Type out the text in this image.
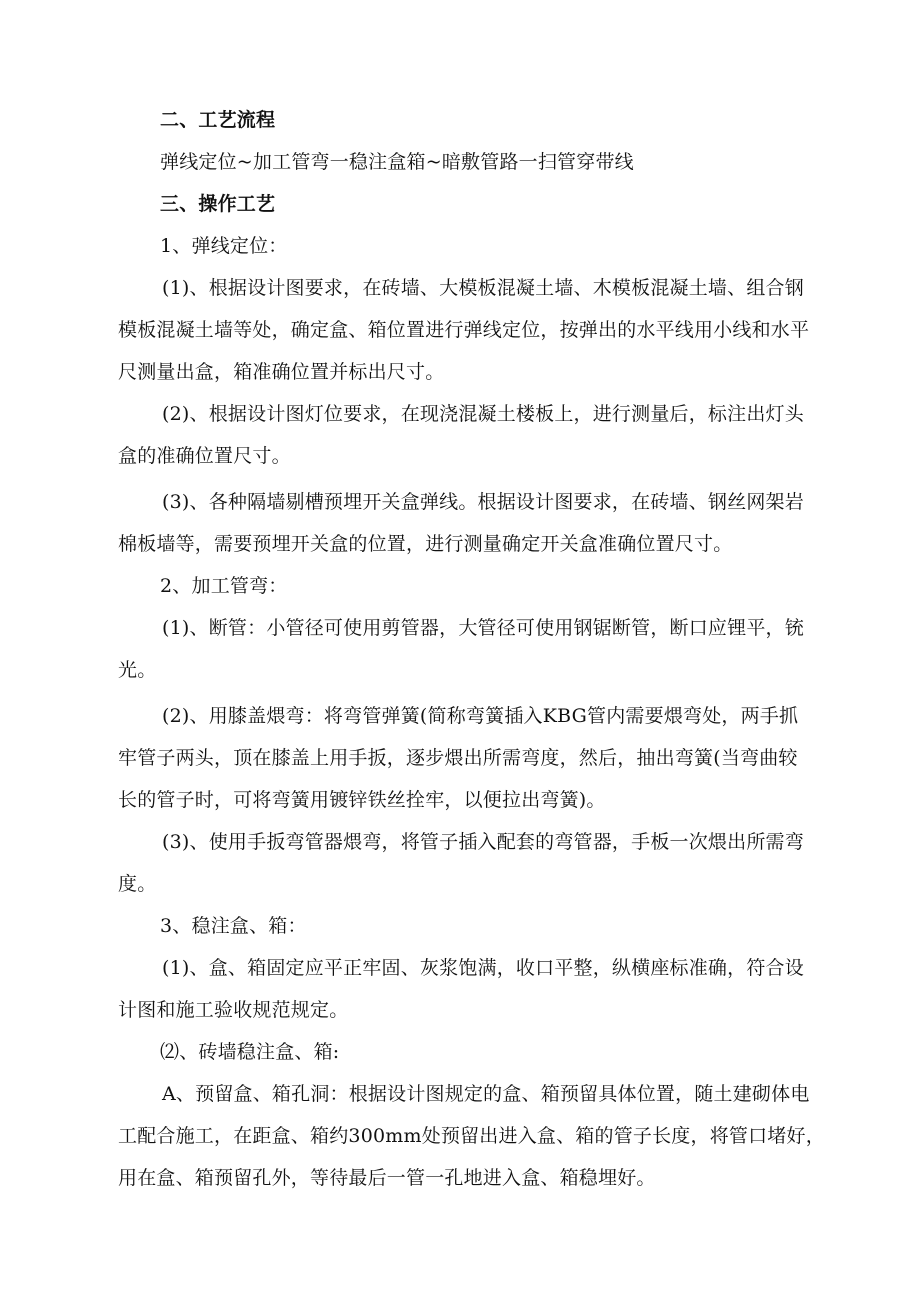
二、工艺流程
弹线定位~加工管弯一稳注盒箱~暗敷管路一扫管穿带线
三、操作工艺
1、弹线定位：
(1)、根据设计图要求，在砖墙、大模板混凝土墙、木模板混凝土墙、组合钢
模板混凝土墙等处，确定盒、箱位置进行弹线定位，按弹出的水平线用小线和水平
尺测量出盒，箱准确位置并标出尺寸。
(2)、根据设计图灯位要求，在现浇混凝土楼板上，进行测量后，标注出灯头
盒的准确位置尺寸。
(3)、各种隔墙剔槽预埋开关盒弹线。根据设计图要求，在砖墙、钢丝网架岩
棉板墙等，需要预埋开关盒的位置，进行测量确定开关盒准确位置尺寸。
2、加工管弯：
(1)、断管：小管径可使用剪管器，大管径可使用钢锯断管，断口应锂平，铳
光。
(2)、用膝盖煨弯：将弯管弹簧(简称弯簧插入KBG管内需要煨弯处，两手抓
牢管子两头，顶在膝盖上用手扳，逐步煨出所需弯度，然后，抽出弯簧(当弯曲较
长的管子时，可将弯簧用镀锌铁丝拴牢，以便拉出弯簧)。
(3)、使用手扳弯管器煨弯，将管子插入配套的弯管器，手板一次煨出所需弯
度。
3、稳注盒、箱：
(1)、盒、箱固定应平正牢固、灰浆饱满，收口平整，纵横座标准确，符合设
计图和施工验收规范规定。
⑵、砖墙稳注盒、箱:
A、预留盒、箱孔洞：根据设计图规定的盒、箱预留具体位置，随土建砌体电
工配合施工，在距盒、箱约300mm处预留出进入盒、箱的管子长度，将管口堵好，
用在盒、箱预留孔外，等待最后一管一孔地进入盒、箱稳埋好。
